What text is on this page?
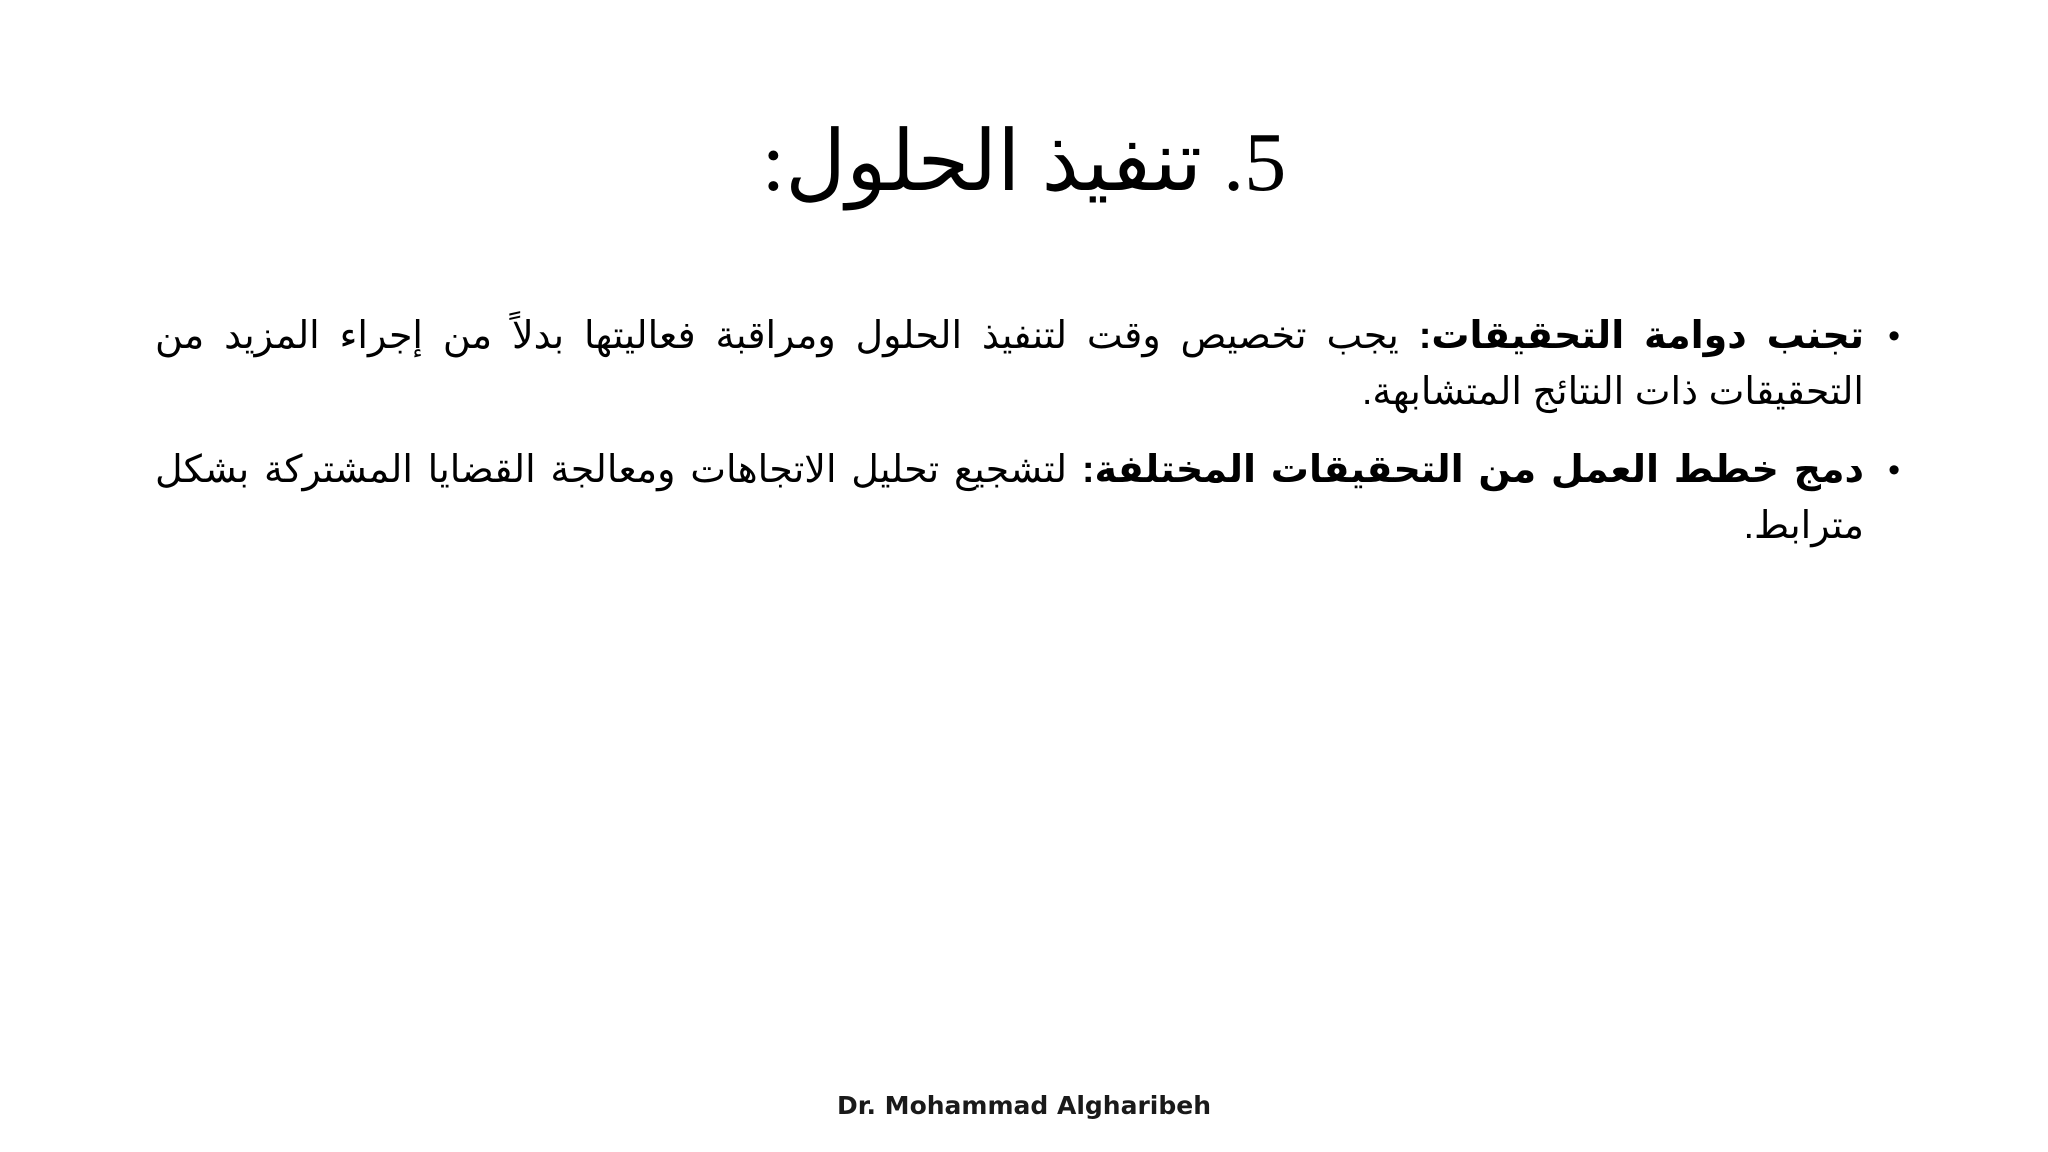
5. تنفيذ الحلول:
•
تجنب دوامة التحقيقات: يجب تخصيص وقت لتنفيذ الحلول ومراقبة فعاليتها بدلاً من إجراء المزيد من التحقيقات ذات النتائج المتشابهة.
•
دمج خطط العمل من التحقيقات المختلفة: لتشجيع تحليل الاتجاهات ومعالجة القضايا المشتركة بشكل مترابط.
Dr. Mohammad Algharibeh
